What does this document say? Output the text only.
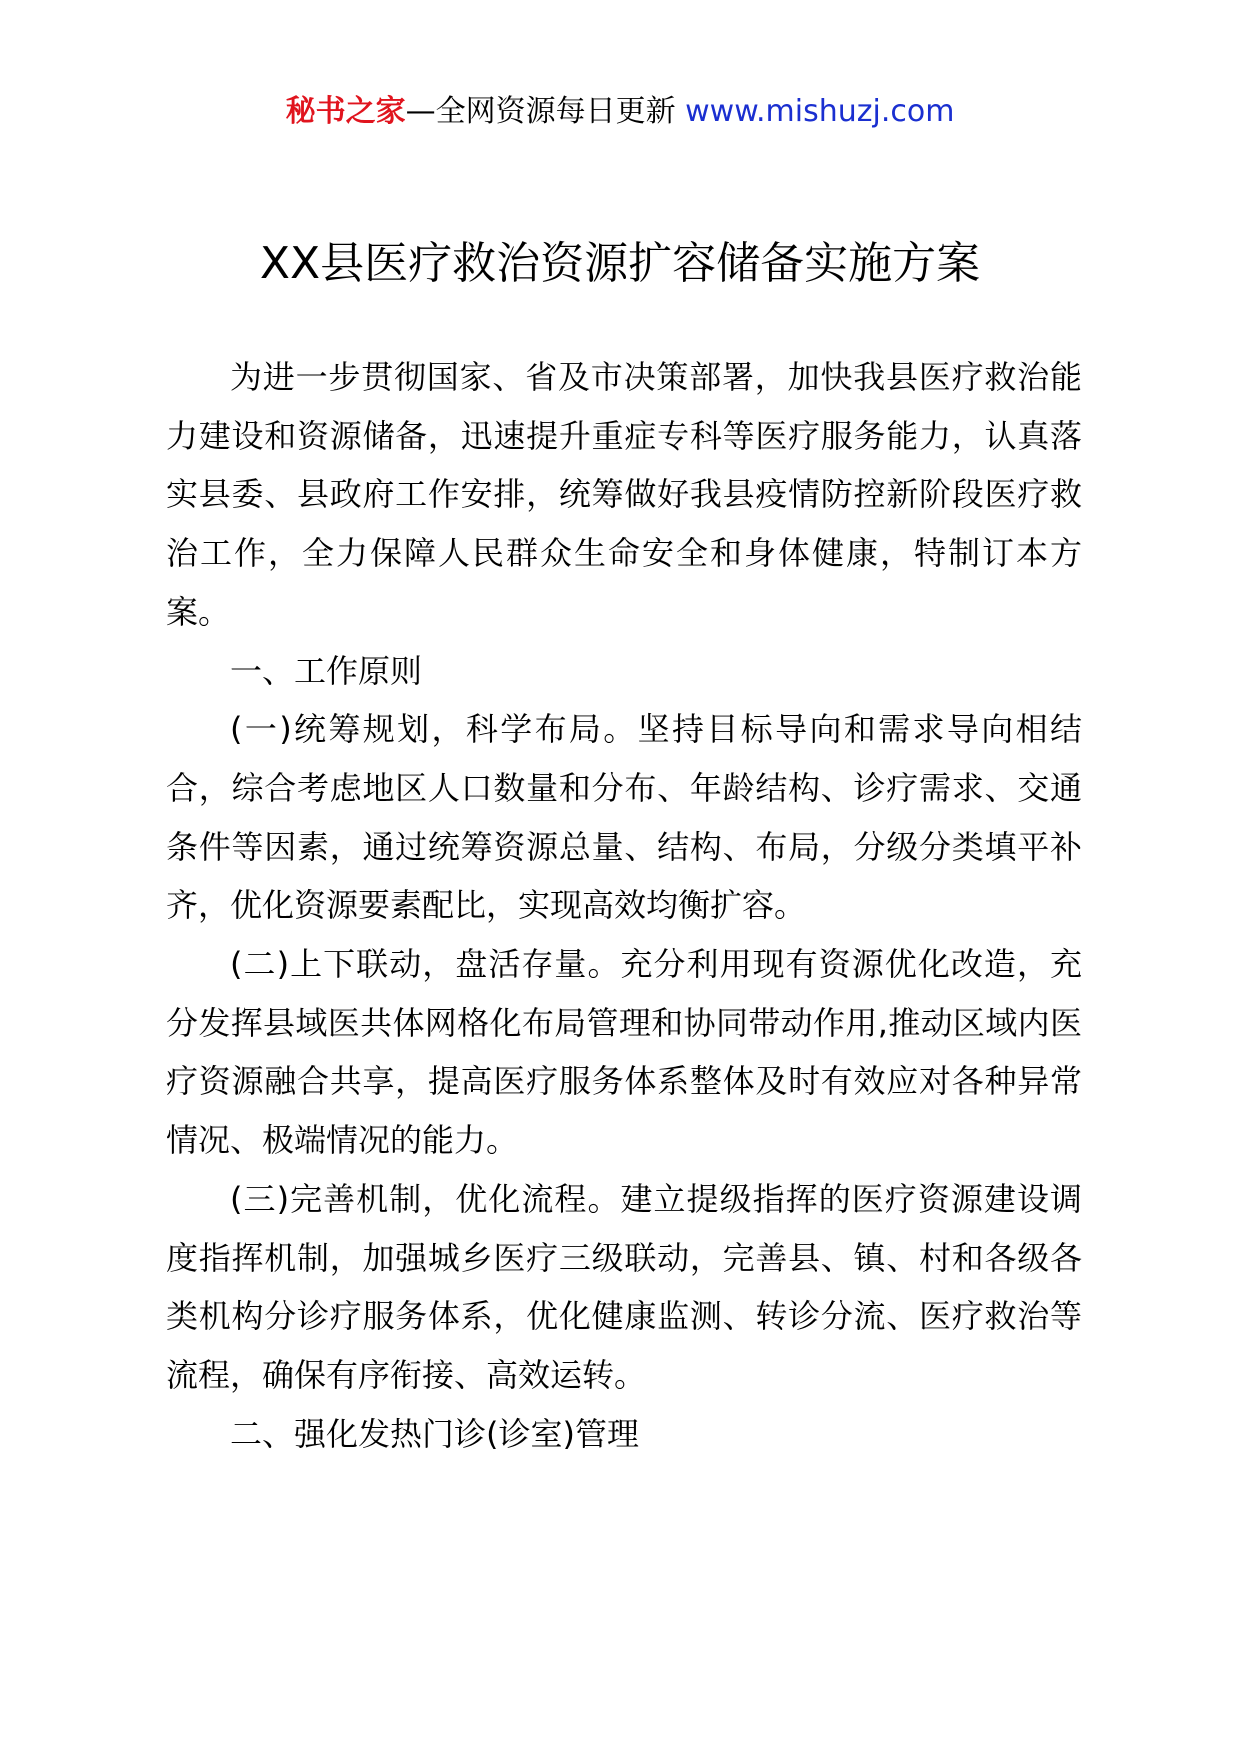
秘书之家—全网资源每日更新 www.mishuzj.com
XX县医疗救治资源扩容储备实施方案

为进一步贯彻国家、省及市决策部署，加快我县医疗救治能力建设和资源储备，迅速提升重症专科等医疗服务能力，认真落实县委、县政府工作安排，统筹做好我县疫情防控新阶段医疗救治工作，全力保障人民群众生命安全和身体健康，特制订本方案。

一、工作原则

(一)统筹规划，科学布局。坚持目标导向和需求导向相结合，综合考虑地区人口数量和分布、年龄结构、诊疗需求、交通条件等因素，通过统筹资源总量、结构、布局，分级分类填平补齐，优化资源要素配比，实现高效均衡扩容。

(二)上下联动，盘活存量。充分利用现有资源优化改造，充分发挥县域医共体网格化布局管理和协同带动作用,推动区域内医疗资源融合共享，提高医疗服务体系整体及时有效应对各种异常情况、极端情况的能力。

(三)完善机制，优化流程。建立提级指挥的医疗资源建设调度指挥机制，加强城乡医疗三级联动，完善县、镇、村和各级各类机构分诊疗服务体系，优化健康监测、转诊分流、医疗救治等流程，确保有序衔接、高效运转。

二、强化发热门诊(诊室)管理
